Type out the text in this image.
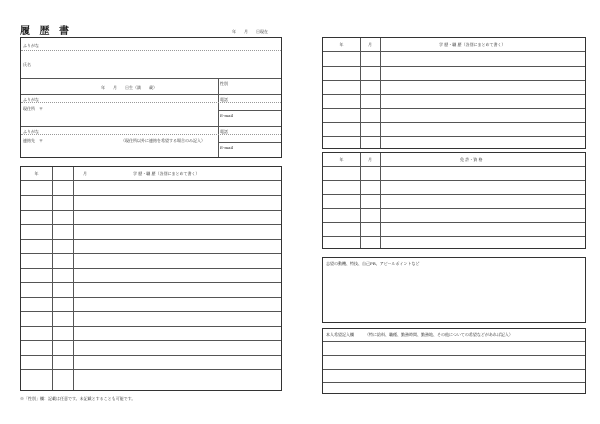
履 歴 書	年　　月　　日現在
ふりがな
氏名
年　　月　　日生（満　　歳）
性別
ふりがな
現住所　〒
電話
E-mail
ふりがな
連絡先　〒	（現住所以外に連絡を希望する場合のみ記入）
電話
E-mail
年	月	学 歴・職 歴（各別にまとめて書く）
※「性別」欄：記載は任意です。未記載とすることも可能です。
年	月	学 歴・職 歴（各別にまとめて書く）
年	月	免 許・資 格
志望の動機、特技、自己PR、アピールポイントなど
本人希望記入欄	（特に給料、職種、勤務時間、勤務地、その他についての希望などがあれば記入）
